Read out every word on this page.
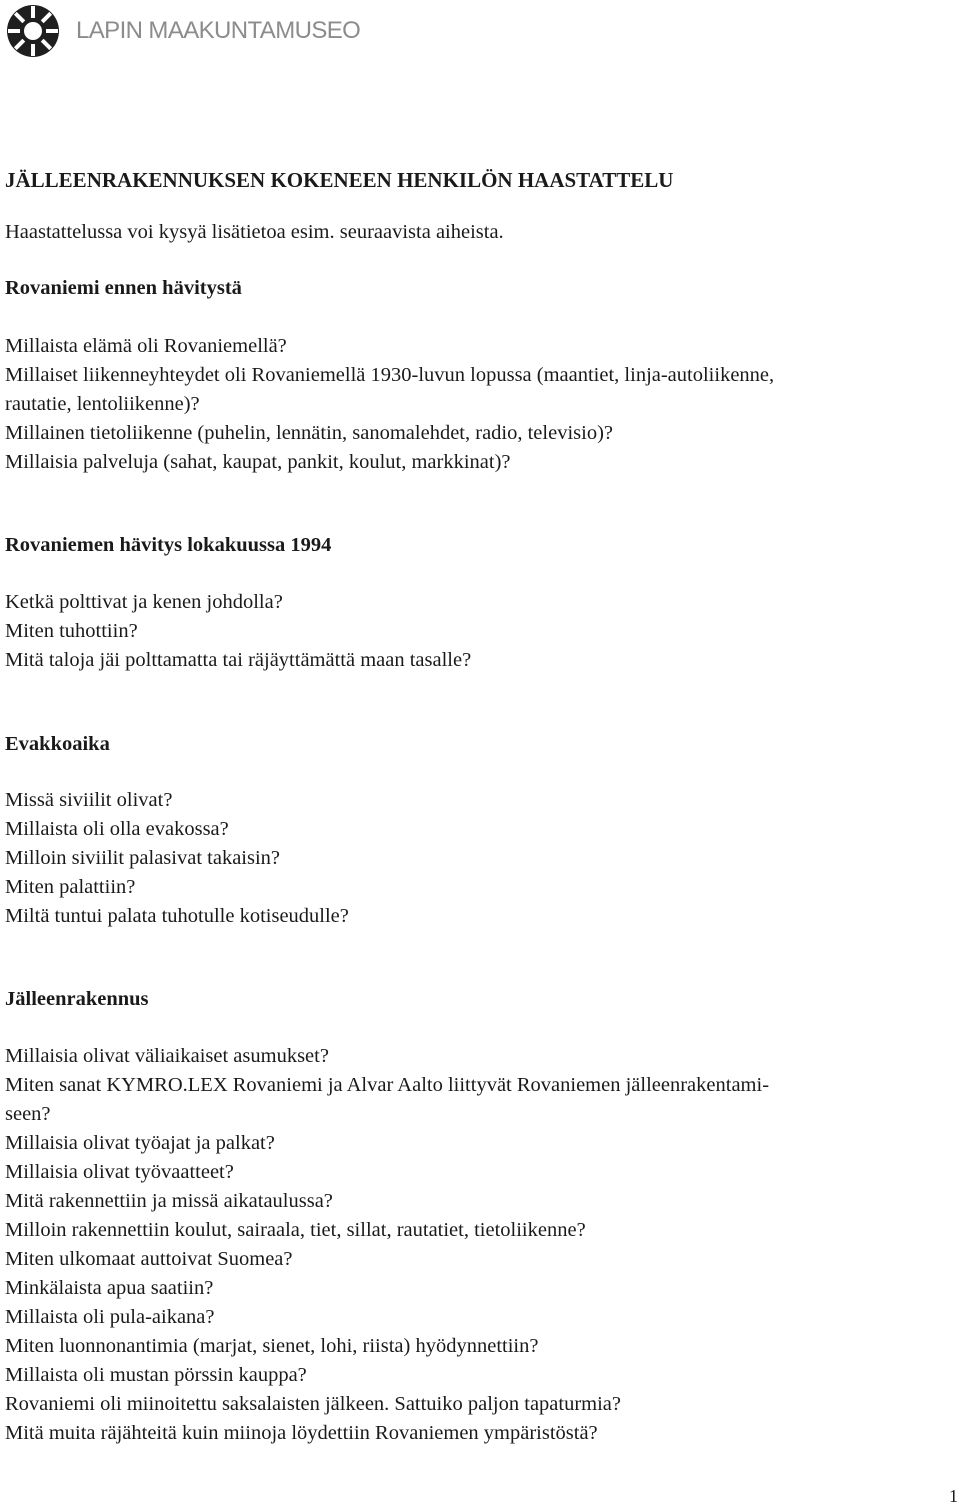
LAPIN MAAKUNTAMUSEO
JÄLLEENRAKENNUKSEN KOKENEEN HENKILÖN HAASTATTELU
Haastattelussa voi kysyä lisätietoa esim. seuraavista aiheista.
Rovaniemi ennen hävitystä
Millaista elämä oli Rovaniemellä?
Millaiset liikenneyhteydet oli Rovaniemellä 1930-luvun lopussa (maantiet, linja-autoliikenne,
rautatie, lentoliikenne)?
Millainen tietoliikenne (puhelin, lennätin, sanomalehdet, radio, televisio)?
Millaisia palveluja (sahat, kaupat, pankit, koulut, markkinat)?
Rovaniemen hävitys lokakuussa 1994
Ketkä polttivat ja kenen johdolla?
Miten tuhottiin?
Mitä taloja jäi polttamatta tai räjäyttämättä maan tasalle?
Evakkoaika
Missä siviilit olivat?
Millaista oli olla evakossa?
Milloin siviilit palasivat takaisin?
Miten palattiin?
Miltä tuntui palata tuhotulle kotiseudulle?
Jälleenrakennus
Millaisia olivat väliaikaiset asumukset?
Miten sanat KYMRO.LEX Rovaniemi ja Alvar Aalto liittyvät Rovaniemen jälleenrakentami-
seen?
Millaisia olivat työajat ja palkat?
Millaisia olivat työvaatteet?
Mitä rakennettiin ja missä aikataulussa?
Milloin rakennettiin koulut, sairaala, tiet, sillat, rautatiet, tietoliikenne?
Miten ulkomaat auttoivat Suomea?
Minkälaista apua saatiin?
Millaista oli pula-aikana?
Miten luonnonantimia (marjat, sienet, lohi, riista) hyödynnettiin?
Millaista oli mustan pörssin kauppa?
Rovaniemi oli miinoitettu saksalaisten jälkeen. Sattuiko paljon tapaturmia?
Mitä muita räjähteitä kuin miinoja löydettiin Rovaniemen ympäristöstä?
1
